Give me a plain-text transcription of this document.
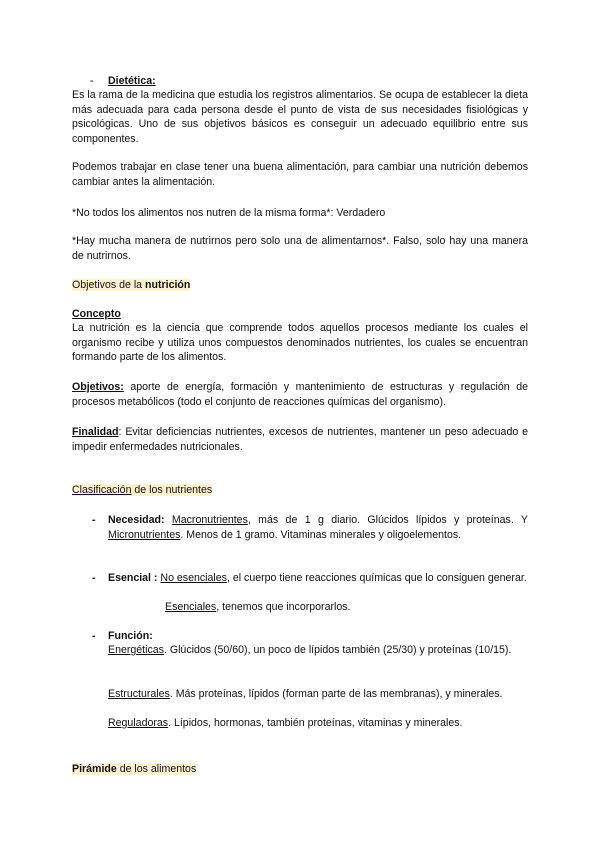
- Dietética:
Es la rama de la medicina que estudia los registros alimentarios. Se ocupa de establecer la dieta más adecuada para cada persona desde el punto de vista de sus necesidades fisiológicas y psicológicas. Uno de sus objetivos básicos es conseguir un adecuado equilibrio entre sus componentes.
Podemos trabajar en clase tener una buena alimentación, para cambiar una nutrición debemos cambiar antes la alimentación.
*No todos los alimentos nos nutren de la misma forma*: Verdadero
*Hay mucha manera de nutrirnos pero solo una de alimentarnos*. Falso, solo hay una manera de nutrirnos.
Objetivos de la nutrición
Concepto
La nutrición es la ciencia que comprende todos aquellos procesos mediante los cuales el organismo recibe y utiliza unos compuestos denominados nutrientes, los cuales se encuentran formando parte de los alimentos.
Objetivos: aporte de energía, formación y mantenimiento de estructuras y regulación de procesos metabólicos (todo el conjunto de reacciones químicas del organismo).
Finalidad: Evitar deficiencias nutrientes, excesos de nutrientes, mantener un peso adecuado e impedir enfermedades nutricionales.
Clasificación de los nutrientes
- Necesidad: Macronutrientes, más de 1 g diario. Glúcidos lípidos y proteínas. Y Micronutrientes. Menos de 1 gramo. Vitaminas minerales y oligoelementos.
- Esencial : No esenciales, el cuerpo tiene reacciones químicas que lo consiguen generar.
Esenciales, tenemos que incorporarlos.
- Función:
Energéticas. Glúcidos (50/60), un poco de lípidos también (25/30) y proteínas (10/15).
Estructurales. Más proteínas, lípidos (forman parte de las membranas), y minerales.
Reguladoras. Lípidos, hormonas, también proteínas, vitaminas y minerales.
Pirámide de los alimentos
